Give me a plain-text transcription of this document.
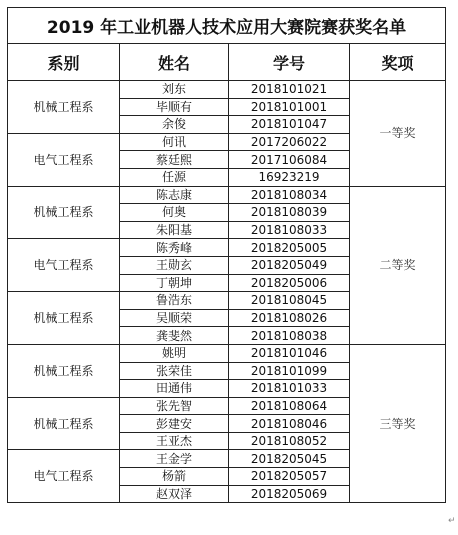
2019 年工业机器人技术应用大赛院赛获奖名单			
系别	姓名	学号	奖项
机械工程系	刘东	2018101021	一等奖
	毕顺有	2018101001	
	余俊	2018101047	
电气工程系	何讯	2017206022	
	蔡廷熙	2017106084	
	任源	16923219	
机械工程系	陈志康	2018108034	二等奖
	何奥	2018108039	
	朱阳基	2018108033	
电气工程系	陈秀峰	2018205005	
	王勋玄	2018205049	
	丁朝坤	2018205006	
机械工程系	鲁浩东	2018108045	
	吴顺荣	2018108026	
	龚斐然	2018108038	
机械工程系	姚明	2018101046	三等奖
	张荣佳	2018101099	
	田通伟	2018101033	
机械工程系	张先智	2018108064	
	彭建安	2018108046	
	王亚杰	2018108052	
电气工程系	王金学	2018205045	
	杨箭	2018205057	
	赵双泽	2018205069	
↵
